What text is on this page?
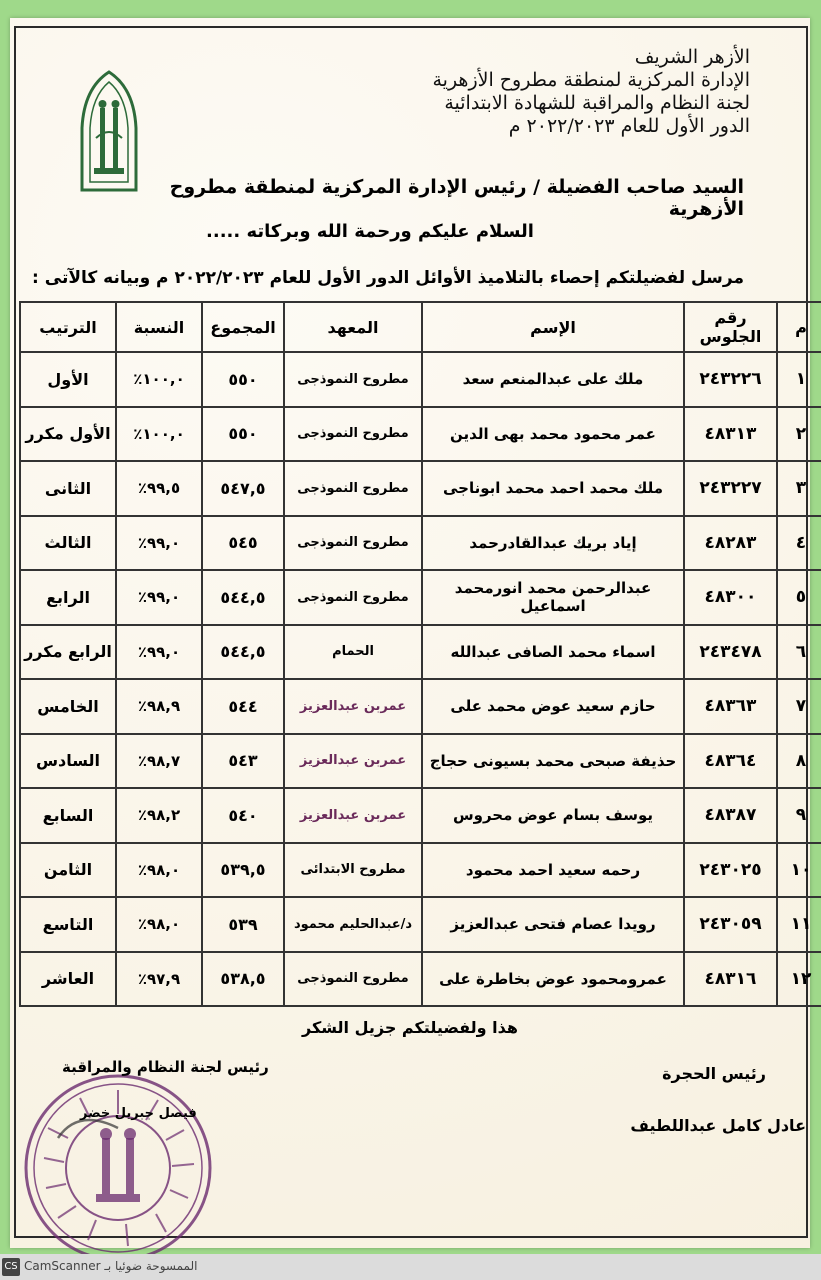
الأزهر الشريف
الإدارة المركزية لمنطقة مطروح الأزهرية
لجنة النظام والمراقبة للشهادة الابتدائية
الدور الأول للعام ٢٠٢٢/٢٠٢٣ م
السيد صاحب الفضيلة / رئيس الإدارة المركزية لمنطقة مطروح الأزهرية
السلام عليكم ورحمة الله وبركاته .....
مرسل لفضيلتكم إحصاء بالتلاميذ الأوائل الدور الأول للعام ٢٠٢٢/٢٠٢٣ م وبيانه كالآتى :
م	رقم الجلوس	الإسم	المعهد	المجموع	النسبة	الترتيب
١	٢٤٣٢٢٦	ملك على عبدالمنعم سعد	مطروح النموذجى	٥٥٠	١٠٠,٠٪	الأول
٢	٤٨٣١٣	عمر محمود محمد بهى الدين	مطروح النموذجى	٥٥٠	١٠٠,٠٪	الأول مكرر
٣	٢٤٣٢٢٧	ملك محمد احمد محمد ابوناجى	مطروح النموذجى	٥٤٧,٥	٩٩,٥٪	الثانى
٤	٤٨٢٨٣	إياد بريك عبدالقادرحمد	مطروح النموذجى	٥٤٥	٩٩,٠٪	الثالث
٥	٤٨٣٠٠	عبدالرحمن محمد انورمحمد اسماعيل	مطروح النموذجى	٥٤٤,٥	٩٩,٠٪	الرابع
٦	٢٤٣٤٧٨	اسماء محمد الصافى عبدالله	الحمام	٥٤٤,٥	٩٩,٠٪	الرابع مكرر
٧	٤٨٣٦٣	حازم سعيد عوض محمد على	عمربن عبدالعزيز	٥٤٤	٩٨,٩٪	الخامس
٨	٤٨٣٦٤	حذيفة صبحى محمد بسيونى حجاج	عمربن عبدالعزيز	٥٤٣	٩٨,٧٪	السادس
٩	٤٨٣٨٧	يوسف بسام عوض محروس	عمربن عبدالعزيز	٥٤٠	٩٨,٢٪	السابع
١٠	٢٤٣٠٢٥	رحمه سعيد احمد محمود	مطروح الابتدائى	٥٣٩,٥	٩٨,٠٪	الثامن
١١	٢٤٣٠٥٩	رويدا عصام فتحى عبدالعزيز	د/عبدالحليم محمود	٥٣٩	٩٨,٠٪	التاسع
١٢	٤٨٣١٦	عمرومحمود عوض بخاطرة على	مطروح النموذجى	٥٣٨,٥	٩٧,٩٪	العاشر
هذا ولفضيلتكم جزيل الشكر
رئيس الحجرة
عادل كامل عبداللطيف
رئيس لجنة النظام والمراقبة
فيصل جبريل خضر
CS الممسوحة ضوئيا بـ CamScanner
